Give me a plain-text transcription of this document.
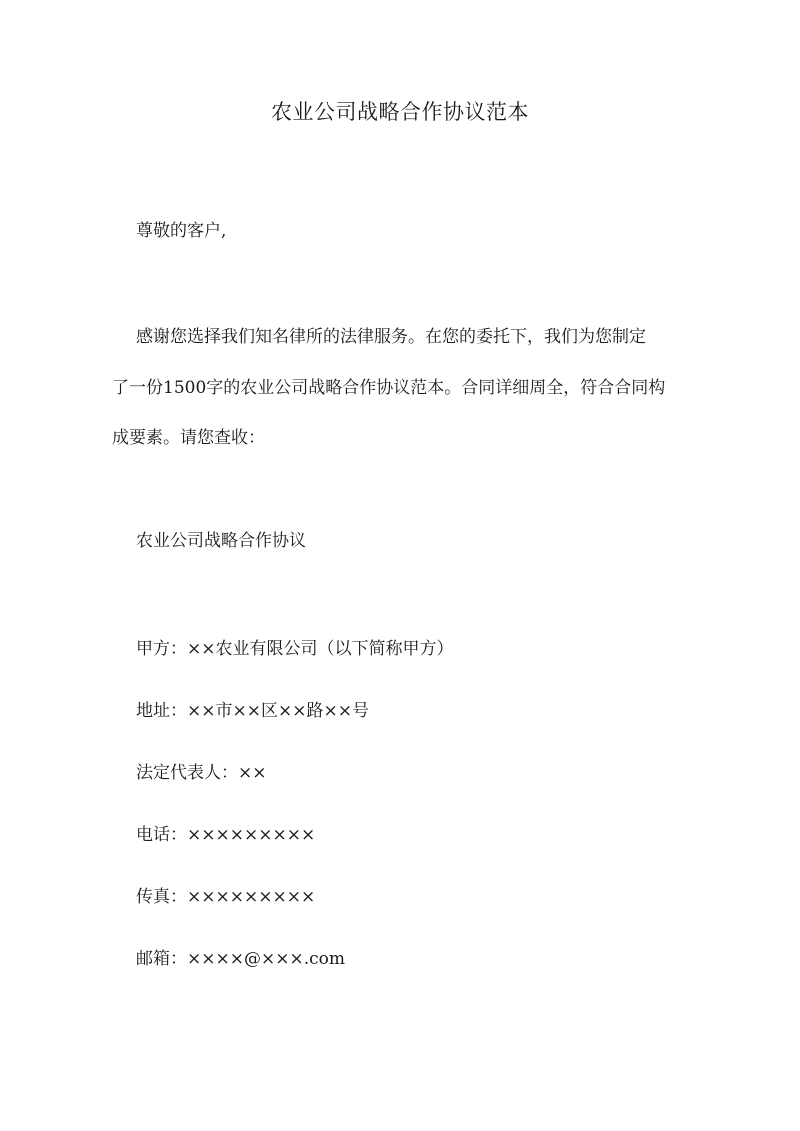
农业公司战略合作协议范本
尊敬的客户,
感谢您选择我们知名律所的法律服务。在您的委托下，我们为您制定
了一份1500字的农业公司战略合作协议范本。合同详细周全，符合合同构
成要素。请您查收：
农业公司战略合作协议
甲方：××农业有限公司（以下简称甲方）
地址：××市××区××路××号
法定代表人：××
电话：×××××××××
传真：×××××××××
邮箱：××××@×××.com
